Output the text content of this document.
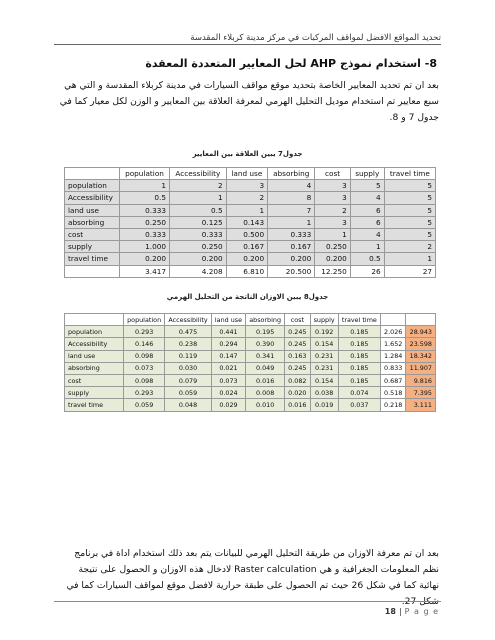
تحديد المواقع الافضل لمواقف المركبات في مركز مدينة كربلاء المقدسة
8- استخدام نموذج AHP لحل المعايير المتعددة المعقدة
بعد ان تم تحديد المعايير الخاصة بتحديد موقع مواقف السيارات في مدينة كربلاء المقدسة و التي هي سبع معايير تم استخدام موديل التحليل الهرمي لمعرفة العلاقة بين المعايير و الوزن لكل معيار كما في جدول 7 و 8.
جدول7 يبين العلاقة بين المعايير
	population	Accessibility	land use	absorbing	cost	supply	travel time
population	1	2	3	4	3	5	5
Accessibility	0.5	1	2	8	3	4	5
land use	0.333	0.5	1	7	2	6	5
absorbing	0.250	0.125	0.143	1	3	6	5
cost	0.333	0.333	0.500	0.333	1	4	5
supply	1.000	0.250	0.167	0.167	0.250	1	2
travel time	0.200	0.200	0.200	0.200	0.200	0.5	1
	3.417	4.208	6.810	20.500	12.250	26	27
جدول8 يبين الاوزان الناتجة من التحليل الهرمي
	population	Accessibility	land use	absorbing	cost	supply	travel time		
population	0.293	0.475	0.441	0.195	0.245	0.192	0.185	2.026	28.943
Accessibility	0.146	0.238	0.294	0.390	0.245	0.154	0.185	1.652	23.598
land use	0.098	0.119	0.147	0.341	0.163	0.231	0.185	1.284	18.342
absorbing	0.073	0.030	0.021	0.049	0.245	0.231	0.185	0.833	11.907
cost	0.098	0.079	0.073	0.016	0.082	0.154	0.185	0.687	9.816
supply	0.293	0.059	0.024	0.008	0.020	0.038	0.074	0.518	7.395
travel time	0.059	0.048	0.029	0.010	0.016	0.019	0.037	0.218	3.111
بعد ان تم معرفة الاوزان من طريقة التحليل الهرمي للبيانات يتم بعد ذلك استخدام اداة في برنامج نظم المعلومات الجغرافية و هي Raster calculation لادخال هذه الاوزان و الحصول على نتيجة نهائية كما في شكل 26 حيث تم الحصول على طبقة حرارية لافضل موقع لمواقف السيارات كما في شكل 27.
18 | P a g e
